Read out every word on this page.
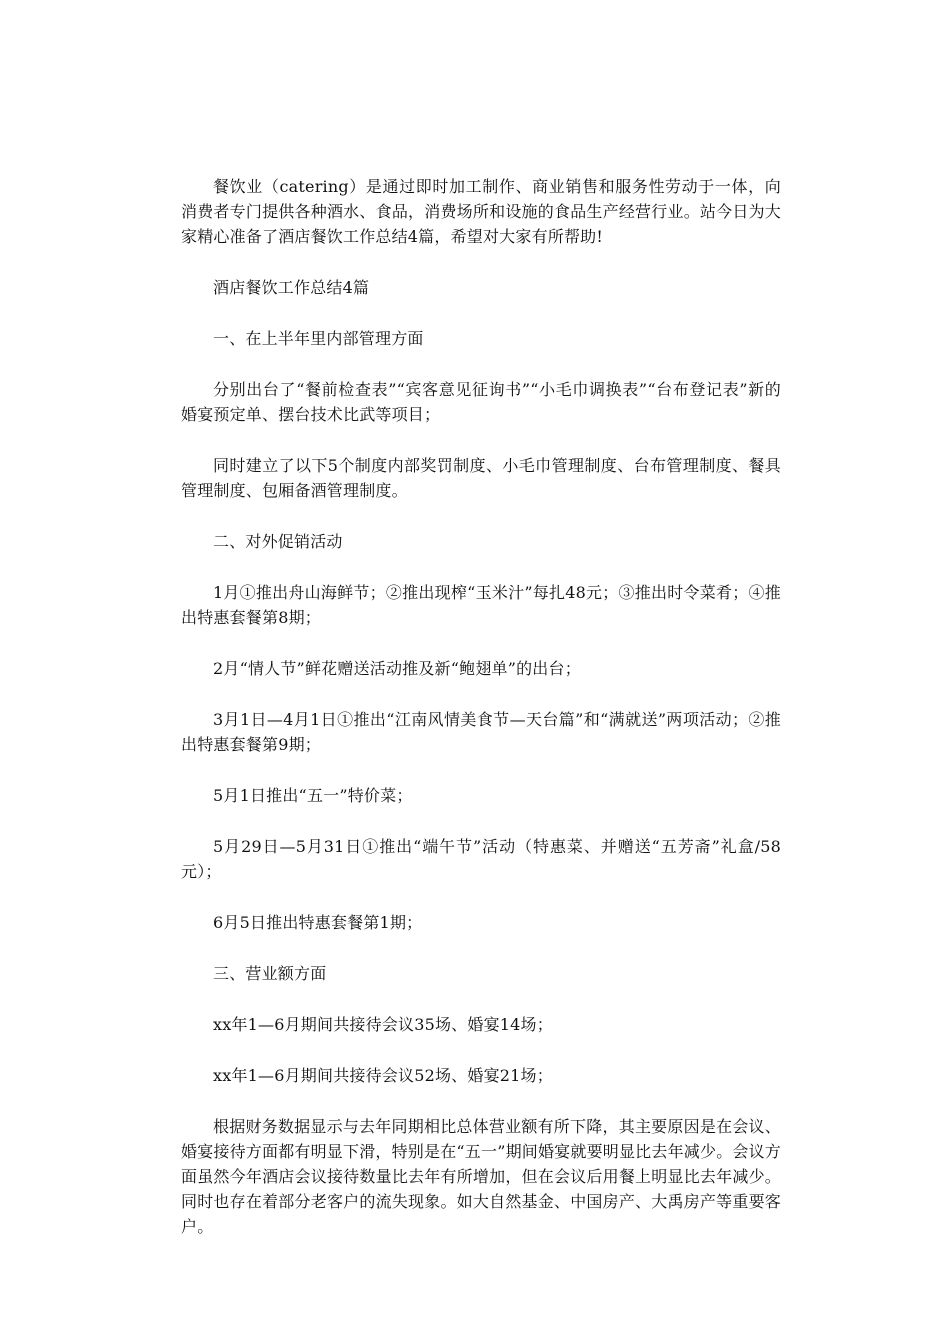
餐饮业（catering）是通过即时加工制作、商业销售和服务性劳动于一体，向消费者专门提供各种酒水、食品，消费场所和设施的食品生产经营行业。站今日为大家精心准备了酒店餐饮工作总结4篇，希望对大家有所帮助!

酒店餐饮工作总结4篇

一、在上半年里内部管理方面

分别出台了“餐前检查表”“宾客意见征询书”“小毛巾调换表”“台布登记表”新的婚宴预定单、摆台技术比武等项目；

同时建立了以下5个制度内部奖罚制度、小毛巾管理制度、台布管理制度、餐具管理制度、包厢备酒管理制度。

二、对外促销活动

1月①推出舟山海鲜节；②推出现榨“玉米汁”每扎48元；③推出时令菜肴；④推出特惠套餐第8期；

2月“情人节”鲜花赠送活动推及新“鲍翅单”的出台；

3月1日—4月1日①推出“江南风情美食节—天台篇”和“满就送”两项活动；②推出特惠套餐第9期；

5月1日推出“五一”特价菜；

5月29日—5月31日①推出“端午节”活动（特惠菜、并赠送“五芳斋”礼盒/58元）；

6月5日推出特惠套餐第1期；

三、营业额方面

xx年1—6月期间共接待会议35场、婚宴14场；

xx年1—6月期间共接待会议52场、婚宴21场；

根据财务数据显示与去年同期相比总体营业额有所下降，其主要原因是在会议、婚宴接待方面都有明显下滑，特别是在“五一”期间婚宴就要明显比去年减少。会议方面虽然今年酒店会议接待数量比去年有所增加，但在会议后用餐上明显比去年减少。同时也存在着部分老客户的流失现象。如大自然基金、中国房产、大禹房产等重要客户。
